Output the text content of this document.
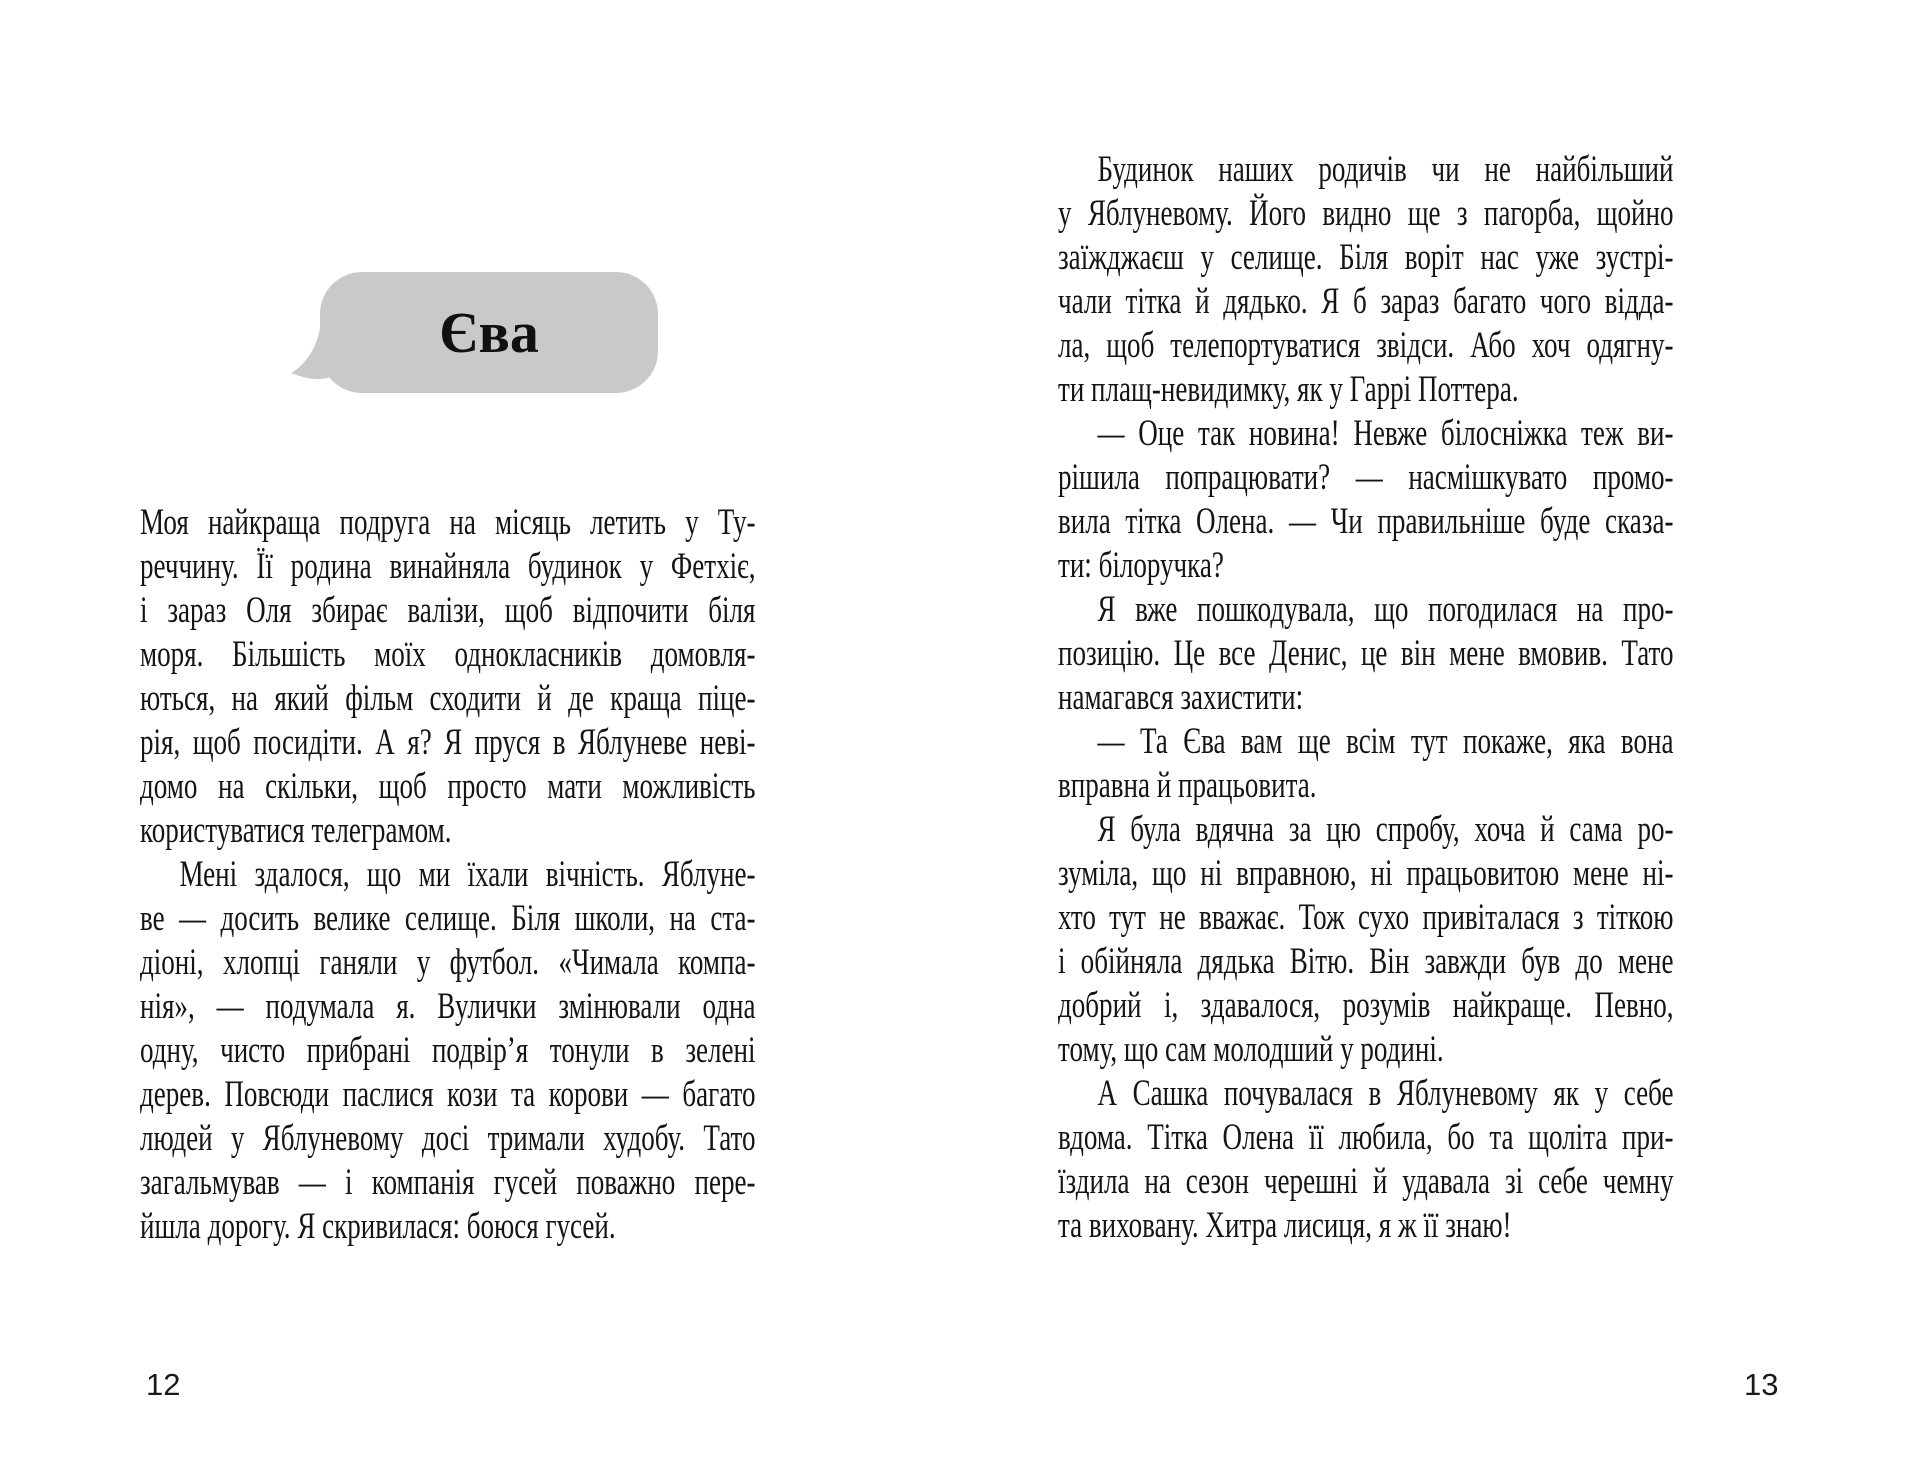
Єва
Моя найкраща подруга на місяць летить у Ту-
реччину. Її родина винайняла будинок у Фетхіє,
і зараз Оля збирає валізи, щоб відпочити біля
моря. Більшість моїх однокласників домовля-
ються, на який фільм сходити й де краща піце-
рія, щоб посидіти. А я? Я пруся в Яблуневе неві-
домо на скільки, щоб просто мати можливість
користуватися телеграмом.
Мені здалося, що ми їхали вічність. Яблуне-
ве — досить велике селище. Біля школи, на ста-
діоні, хлопці ганяли у футбол. «Чимала компа-
нія», — подумала я. Вулички змінювали одна
одну, чисто прибрані подвір’я тонули в зелені
дерев. Повсюди паслися кози та корови — багато
людей у Яблуневому досі тримали худобу. Тато
загальмував — і компанія гусей поважно пере-
йшла дорогу. Я скривилася: боюся гусей.
12
Будинок наших родичів чи не найбільший
у Яблуневому. Його видно ще з пагорба, щойно
заїжджаєш у селище. Біля воріт нас уже зустрі-
чали тітка й дядько. Я б зараз багато чого відда-
ла, щоб телепортуватися звідси. Або хоч одягну-
ти плащ-невидимку, як у Гаррі Поттера.
— Оце так новина! Невже білосніжка теж ви-
рішила попрацювати? — насмішкувато промо-
вила тітка Олена. — Чи правильніше буде сказа-
ти: білоручка?
Я вже пошкодувала, що погодилася на про-
позицію. Це все Денис, це він мене вмовив. Тато
намагався захистити:
— Та Єва вам ще всім тут покаже, яка вона
вправна й працьовита.
Я була вдячна за цю спробу, хоча й сама ро-
зуміла, що ні вправною, ні працьовитою мене ні-
хто тут не вважає. Тож сухо привіталася з тіткою
і обійняла дядька Вітю. Він завжди був до мене
добрий і, здавалося, розумів найкраще. Певно,
тому, що сам молодший у родині.
А Сашка почувалася в Яблуневому як у себе
вдома. Тітка Олена її любила, бо та щоліта при-
їздила на сезон черешні й удавала зі себе чемну
та виховану. Хитра лисиця, я ж її знаю!
13
